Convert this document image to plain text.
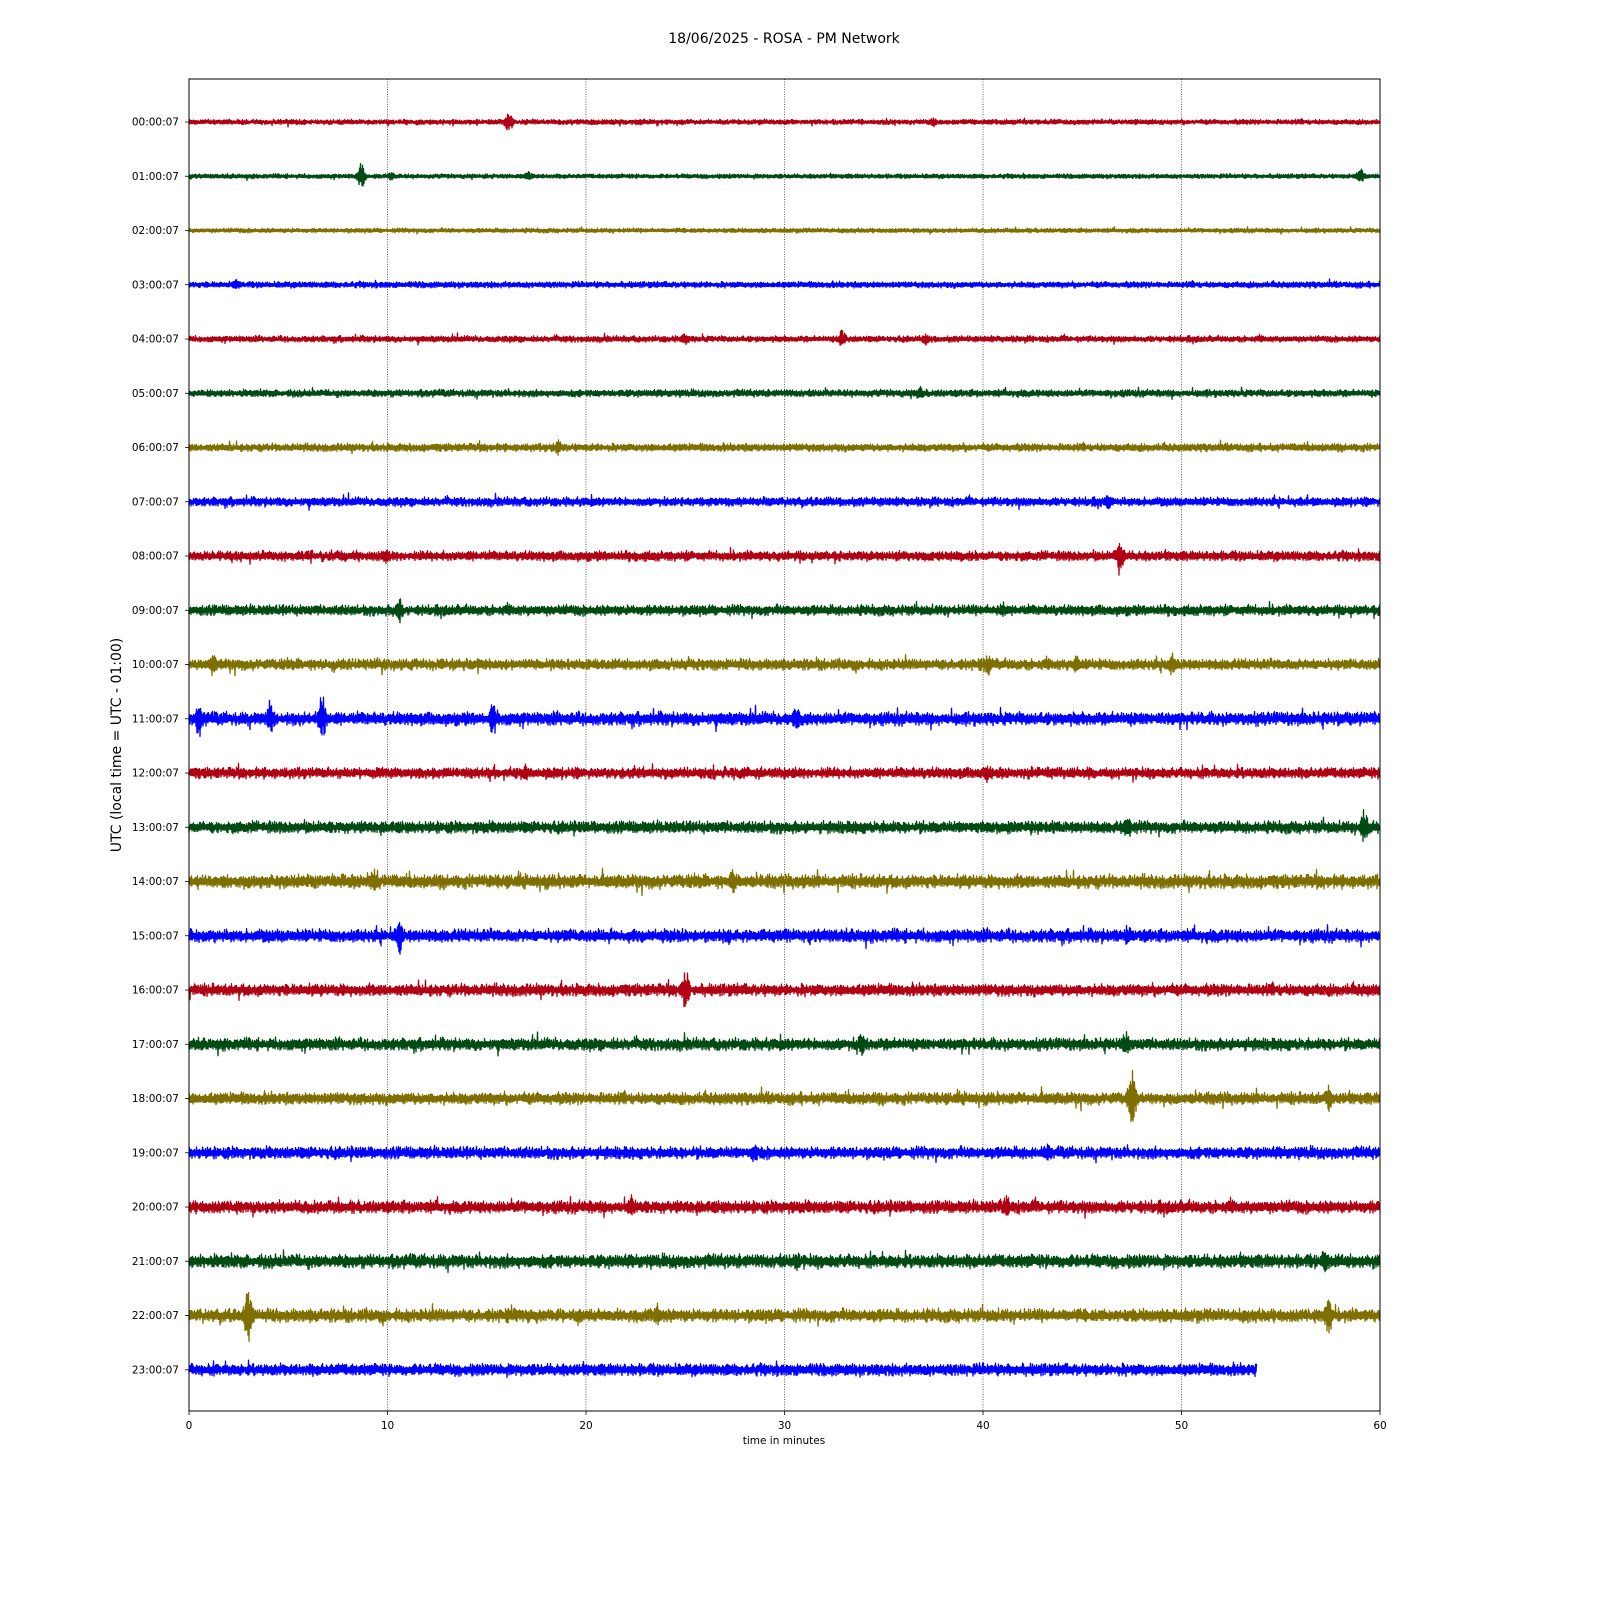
18/06/2025 - ROSA - PM Network
00:00:07
01:00:07
02:00:07
03:00:07
04:00:07
05:00:07
06:00:07
07:00:07
08:00:07
09:00:07
10:00:07
11:00:07
12:00:07
13:00:07
14:00:07
15:00:07
16:00:07
17:00:07
18:00:07
19:00:07
20:00:07
21:00:07
22:00:07
23:00:07
0	10	20	30	40	50	60
time in minutes
UTC (local time = UTC - 01:00)
